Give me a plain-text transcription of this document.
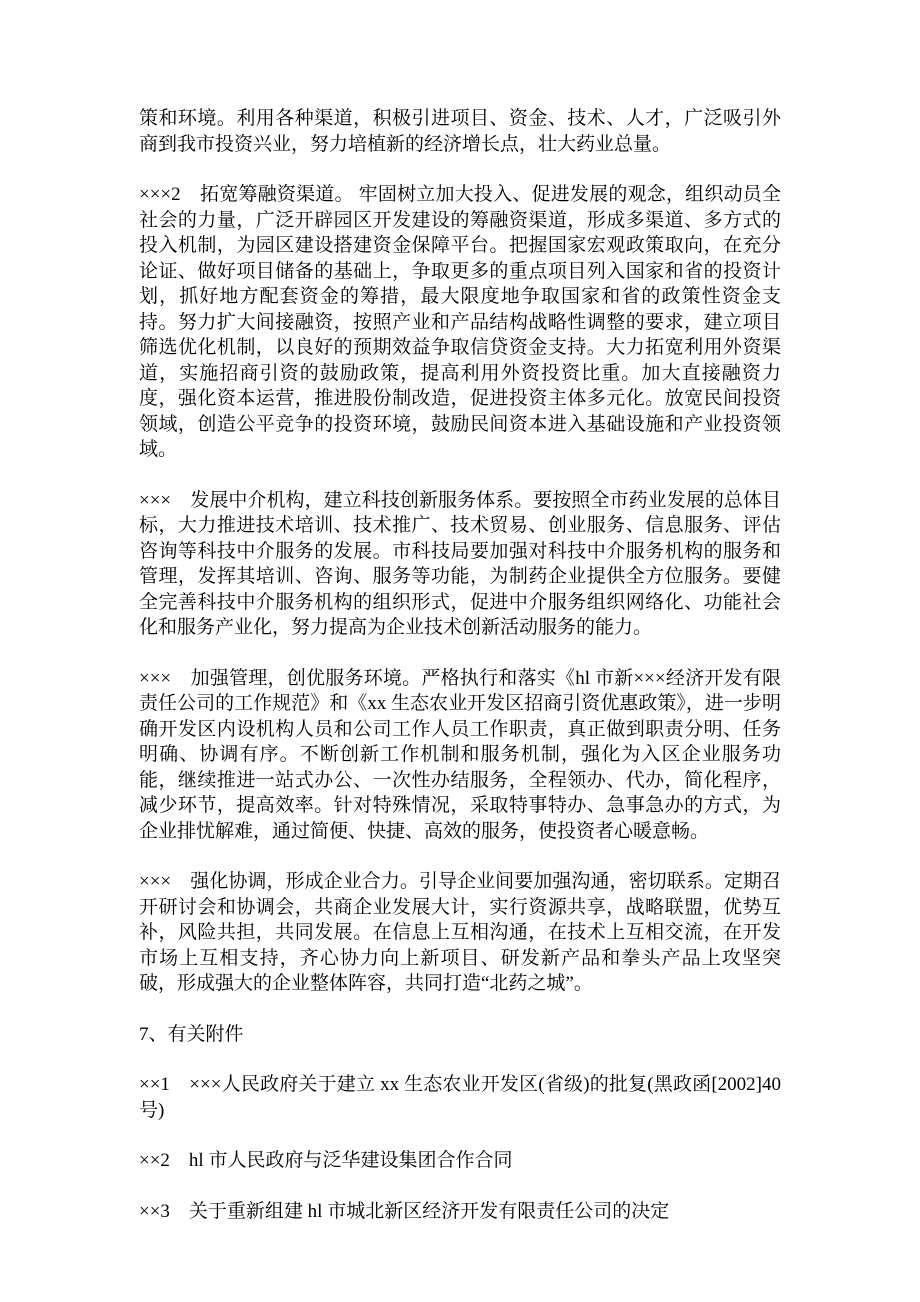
策和环境。利用各种渠道，积极引进项目、资金、技术、人才，广泛吸引外商到我市投资兴业，努力培植新的经济增长点，壮大药业总量。

×××2　拓宽筹融资渠道。 牢固树立加大投入、促进发展的观念，组织动员全社会的力量，广泛开辟园区开发建设的筹融资渠道，形成多渠道、多方式的投入机制，为园区建设搭建资金保障平台。把握国家宏观政策取向，在充分论证、做好项目储备的基础上，争取更多的重点项目列入国家和省的投资计划，抓好地方配套资金的筹措，最大限度地争取国家和省的政策性资金支持。努力扩大间接融资，按照产业和产品结构战略性调整的要求，建立项目筛选优化机制，以良好的预期效益争取信贷资金支持。大力拓宽利用外资渠道，实施招商引资的鼓励政策，提高利用外资投资比重。加大直接融资力度，强化资本运营，推进股份制改造，促进投资主体多元化。放宽民间投资领域，创造公平竞争的投资环境，鼓励民间资本进入基础设施和产业投资领域。

×××　发展中介机构，建立科技创新服务体系。要按照全市药业发展的总体目标，大力推进技术培训、技术推广、技术贸易、创业服务、信息服务、评估咨询等科技中介服务的发展。市科技局要加强对科技中介服务机构的服务和管理，发挥其培训、咨询、服务等功能，为制药企业提供全方位服务。要健全完善科技中介服务机构的组织形式，促进中介服务组织网络化、功能社会化和服务产业化，努力提高为企业技术创新活动服务的能力。

×××　加强管理，创优服务环境。严格执行和落实《hl 市新×××经济开发有限责任公司的工作规范》和《xx 生态农业开发区招商引资优惠政策》，进一步明确开发区内设机构人员和公司工作人员工作职责，真正做到职责分明、任务明确、协调有序。不断创新工作机制和服务机制，强化为入区企业服务功能，继续推进一站式办公、一次性办结服务，全程领办、代办，简化程序，减少环节，提高效率。针对特殊情况，采取特事特办、急事急办的方式，为企业排忧解难，通过简便、快捷、高效的服务，使投资者心暖意畅。

×××　强化协调，形成企业合力。引导企业间要加强沟通，密切联系。定期召开研讨会和协调会，共商企业发展大计，实行资源共享，战略联盟，优势互补，风险共担，共同发展。在信息上互相沟通，在技术上互相交流，在开发市场上互相支持，齐心协力向上新项目、研发新产品和拳头产品上攻坚突破，形成强大的企业整体阵容，共同打造“北药之城”。

7、有关附件

××1　×××人民政府关于建立 xx 生态农业开发区(省级)的批复(黑政函[2002]40 号)

××2　hl 市人民政府与泛华建设集团合作合同

××3　关于重新组建 hl 市城北新区经济开发有限责任公司的决定
